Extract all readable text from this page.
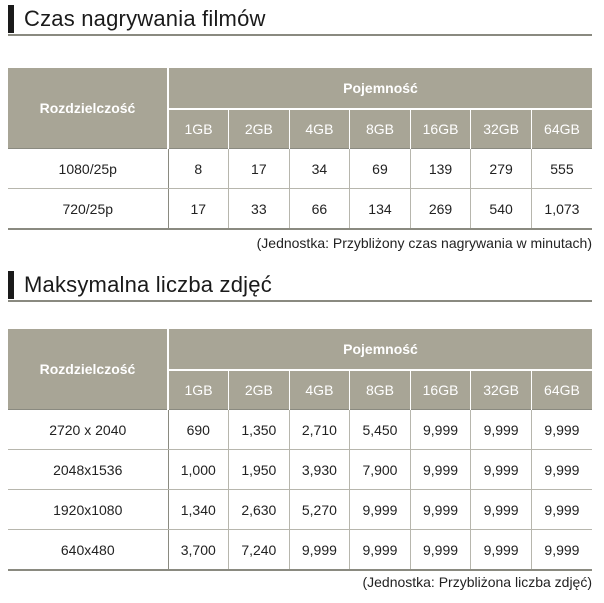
Czas nagrywania filmów
Rozdzielczość	Pojemność						
	1GB	2GB	4GB	8GB	16GB	32GB	64GB
1080/25p	8	17	34	69	139	279	555
720/25p	17	33	66	134	269	540	1,073
(Jednostka: Przybliżony czas nagrywania w minutach)
Maksymalna liczba zdjęć
Rozdzielczość	Pojemność						
	1GB	2GB	4GB	8GB	16GB	32GB	64GB
2720 x 2040	690	1,350	2,710	5,450	9,999	9,999	9,999
2048x1536	1,000	1,950	3,930	7,900	9,999	9,999	9,999
1920x1080	1,340	2,630	5,270	9,999	9,999	9,999	9,999
640x480	3,700	7,240	9,999	9,999	9,999	9,999	9,999
(Jednostka: Przybliżona liczba zdjęć)
